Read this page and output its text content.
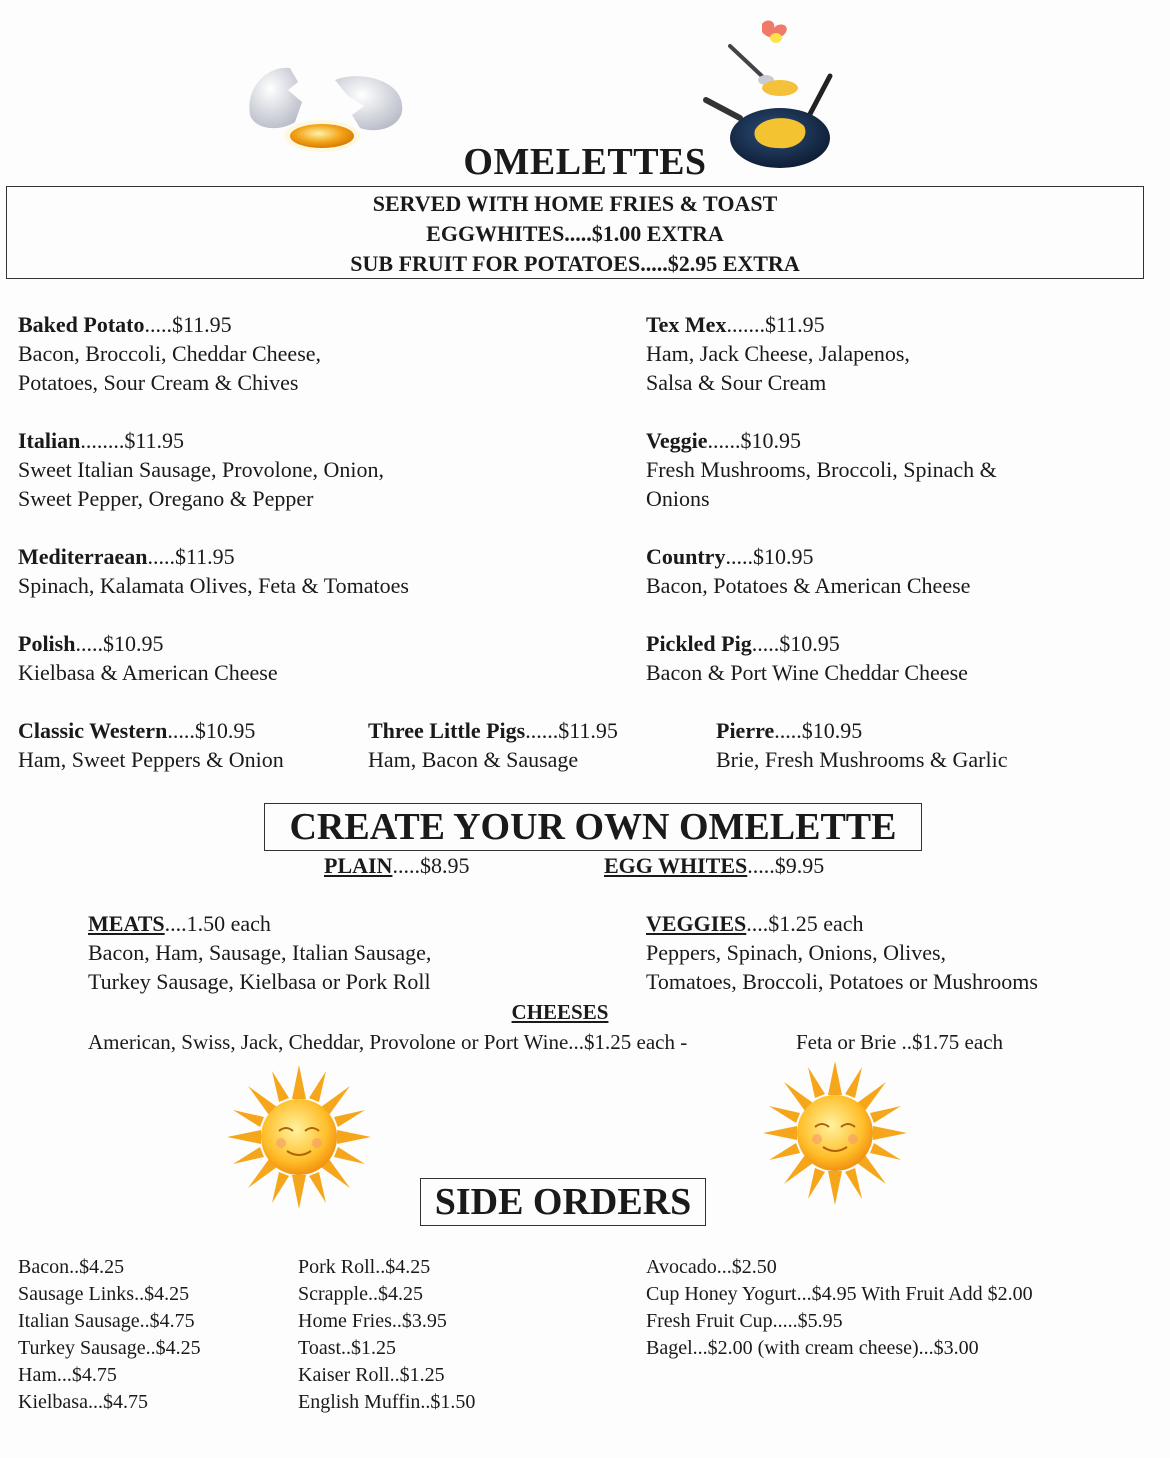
OMELETTES
SERVED WITH HOME FRIES & TOAST
EGGWHITES.....$1.00 EXTRA
SUB FRUIT FOR POTATOES.....$2.95 EXTRA
Baked Potato.....$11.95
Bacon, Broccoli, Cheddar Cheese,
Potatoes, Sour Cream & Chives
Tex Mex.......$11.95
Ham, Jack Cheese, Jalapenos,
Salsa & Sour Cream
Italian........$11.95
Sweet Italian Sausage, Provolone, Onion,
Sweet Pepper, Oregano & Pepper
Veggie......$10.95
Fresh Mushrooms, Broccoli, Spinach &
Onions
Mediterraean.....$11.95
Spinach, Kalamata Olives, Feta & Tomatoes
Country.....$10.95
Bacon, Potatoes & American Cheese
Polish.....$10.95
Kielbasa & American Cheese
Pickled Pig.....$10.95
Bacon & Port Wine Cheddar Cheese
Classic Western.....$10.95
Ham, Sweet Peppers & Onion
Three Little Pigs......$11.95
Ham, Bacon & Sausage
Pierre.....$10.95
Brie, Fresh Mushrooms & Garlic
CREATE YOUR OWN OMELETTE
PLAIN.....$8.95	EGG WHITES.....$9.95
MEATS....1.50 each
Bacon, Ham, Sausage, Italian Sausage,
Turkey Sausage, Kielbasa or Pork Roll
VEGGIES....$1.25 each
Peppers, Spinach, Onions, Olives,
Tomatoes, Broccoli, Potatoes or Mushrooms
CHEESES
American, Swiss, Jack, Cheddar, Provolone or Port Wine...$1.25 each -	Feta or Brie ..$1.75 each
SIDE ORDERS
Bacon..$4.25
Sausage Links..$4.25
Italian Sausage..$4.75
Turkey Sausage..$4.25
Ham...$4.75
Kielbasa...$4.75
Pork Roll..$4.25
Scrapple..$4.25
Home Fries..$3.95
Toast..$1.25
Kaiser Roll..$1.25
English Muffin..$1.50
Avocado...$2.50
Cup Honey Yogurt...$4.95 With Fruit Add $2.00
Fresh Fruit Cup.....$5.95
Bagel...$2.00 (with cream cheese)...$3.00
